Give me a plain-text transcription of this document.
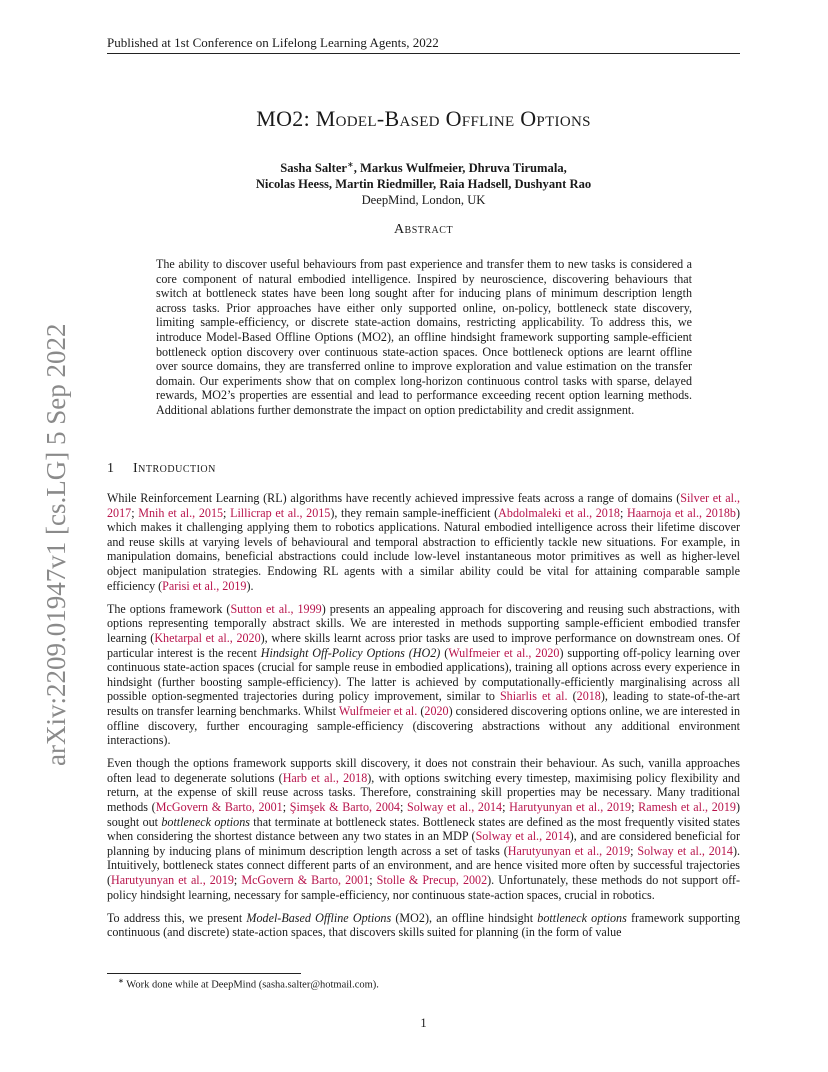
Published at 1st Conference on Lifelong Learning Agents, 2022
arXiv:2209.01947v1 [cs.LG] 5 Sep 2022
MO2: Model-Based Offline Options
Sasha Salter∗, Markus Wulfmeier, Dhruva Tirumala,
Nicolas Heess, Martin Riedmiller, Raia Hadsell, Dushyant Rao
DeepMind, London, UK
Abstract
The ability to discover useful behaviours from past experience and transfer them to new tasks is considered a core component of natural embodied intelligence. Inspired by neuroscience, discovering behaviours that switch at bottleneck states have been long sought after for inducing plans of minimum description length across tasks. Prior approaches have either only supported online, on-policy, bottleneck state discovery, limiting sample-efficiency, or discrete state-action domains, restricting applicability. To address this, we introduce Model-Based Offline Options (MO2), an offline hindsight framework supporting sample-efficient bottleneck option discovery over continuous state-action spaces. Once bottleneck options are learnt offline over source domains, they are transferred online to improve exploration and value estimation on the transfer domain. Our experiments show that on complex long-horizon continuous control tasks with sparse, delayed rewards, MO2’s properties are essential and lead to performance exceeding recent option learning methods. Additional ablations further demonstrate the impact on option predictability and credit assignment.
1 Introduction

While Reinforcement Learning (RL) algorithms have recently achieved impressive feats across a range of domains (Silver et al., 2017; Mnih et al., 2015; Lillicrap et al., 2015), they remain sample-inefficient (Abdolmaleki et al., 2018; Haarnoja et al., 2018b) which makes it challenging applying them to robotics applications. Natural embodied intelligence across their lifetime discover and reuse skills at varying levels of behavioural and temporal abstraction to efficiently tackle new situations. For example, in manipulation domains, beneficial abstractions could include low-level instantaneous motor primitives as well as higher-level object manipulation strategies. Endowing RL agents with a similar ability could be vital for attaining comparable sample efficiency (Parisi et al., 2019).

The options framework (Sutton et al., 1999) presents an appealing approach for discovering and reusing such abstractions, with options representing temporally abstract skills. We are interested in methods supporting sample-efficient embodied transfer learning (Khetarpal et al., 2020), where skills learnt across prior tasks are used to improve performance on downstream ones. Of particular interest is the recent Hindsight Off-Policy Options (HO2) (Wulfmeier et al., 2020) supporting off-policy learning over continuous state-action spaces (crucial for sample reuse in embodied applications), training all options across every experience in hindsight (further boosting sample-efficiency). The latter is achieved by computationally-efficiently marginalising across all possible option-segmented trajectories during policy improvement, similar to Shiarlis et al. (2018), leading to state-of-the-art results on transfer learning benchmarks. Whilst Wulfmeier et al. (2020) considered discovering options online, we are interested in offline discovery, further encouraging sample-efficiency (discovering abstractions without any additional environment interactions).

Even though the options framework supports skill discovery, it does not constrain their behaviour. As such, vanilla approaches often lead to degenerate solutions (Harb et al., 2018), with options switching every timestep, maximising policy flexibility and return, at the expense of skill reuse across tasks. Therefore, constraining skill properties may be necessary. Many traditional methods (McGovern & Barto, 2001; Şimşek & Barto, 2004; Solway et al., 2014; Harutyunyan et al., 2019; Ramesh et al., 2019) sought out bottleneck options that terminate at bottleneck states. Bottleneck states are defined as the most frequently visited states when considering the shortest distance between any two states in an MDP (Solway et al., 2014), and are considered beneficial for planning by inducing plans of minimum description length across a set of tasks (Harutyunyan et al., 2019; Solway et al., 2014). Intuitively, bottleneck states connect different parts of an environment, and are hence visited more often by successful trajectories (Harutyunyan et al., 2019; McGovern & Barto, 2001; Stolle & Precup, 2002). Unfortunately, these methods do not support off-policy hindsight learning, necessary for sample-efficiency, nor continuous state-action spaces, crucial in robotics.

To address this, we present Model-Based Offline Options (MO2), an offline hindsight bottleneck options framework supporting continuous (and discrete) state-action spaces, that discovers skills suited for planning (in the form of value

∗ Work done while at DeepMind (sasha.salter@hotmail.com).
1
